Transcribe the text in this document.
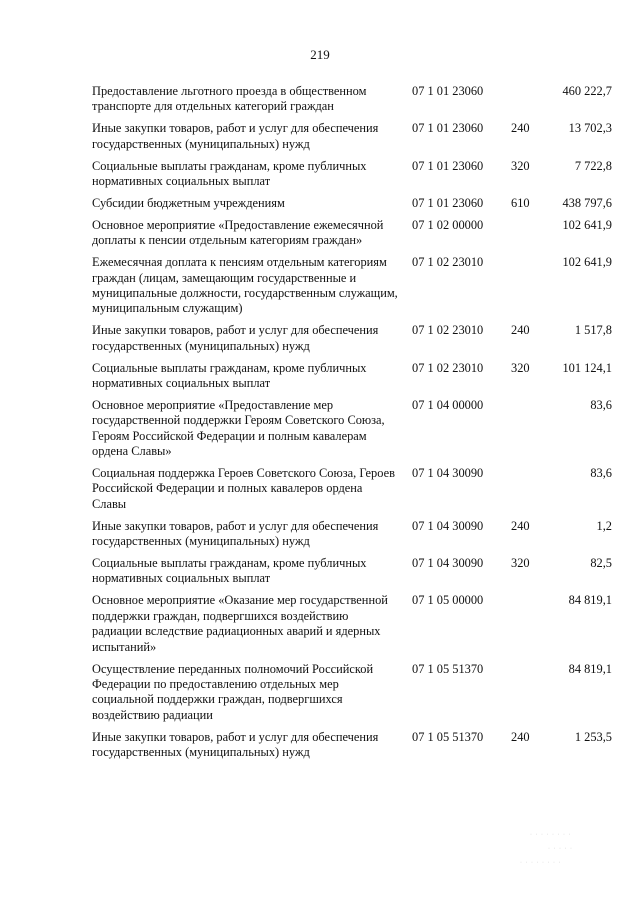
219
Предоставление льготного проезда в общественном транспорте для отдельных категорий граждан
07 1 01 23060	460 222,7
Иные закупки товаров, работ и услуг для обеспечения государственных (муниципальных) нужд
07 1 01 23060	240	13 702,3
Социальные выплаты гражданам, кроме публичных нормативных социальных выплат
07 1 01 23060	320	7 722,8
Субсидии бюджетным учреждениям	07 1 01 23060	610	438 797,6
Основное мероприятие «Предоставление ежемесячной доплаты к пенсии отдельным категориям граждан»
07 1 02 00000	102 641,9
Ежемесячная доплата к пенсиям отдельным категориям граждан (лицам, замещающим государственные и муниципальные должности, государственным служащим, муниципальным служащим)
07 1 02 23010	102 641,9
Иные закупки товаров, работ и услуг для обеспечения государственных (муниципальных) нужд
07 1 02 23010	240	1 517,8
Социальные выплаты гражданам, кроме публичных нормативных социальных выплат
07 1 02 23010	320	101 124,1
Основное мероприятие «Предоставление мер государственной поддержки Героям Советского Союза, Героям Российской Федерации и полным кавалерам ордена Славы»
07 1 04 00000	83,6
Социальная поддержка Героев Советского Союза, Героев Российской Федерации и полных кавалеров ордена Славы
07 1 04 30090	83,6
Иные закупки товаров, работ и услуг для обеспечения государственных (муниципальных) нужд
07 1 04 30090	240	1,2
Социальные выплаты гражданам, кроме публичных нормативных социальных выплат
07 1 04 30090	320	82,5
Основное мероприятие «Оказание мер государственной поддержки граждан, подвергшихся воздействию радиации вследствие радиационных аварий и ядерных испытаний»
07 1 05 00000	84 819,1
Осуществление переданных полномочий Российской Федерации по предоставлению отдельных мер социальной поддержки граждан, подвергшихся воздействию радиации
07 1 05 51370	84 819,1
Иные закупки товаров, работ и услуг для обеспечения государственных (муниципальных) нужд
07 1 05 51370	240	1 253,5
· · · · · · · ·
· · · · ·
· · · · · · · ·
